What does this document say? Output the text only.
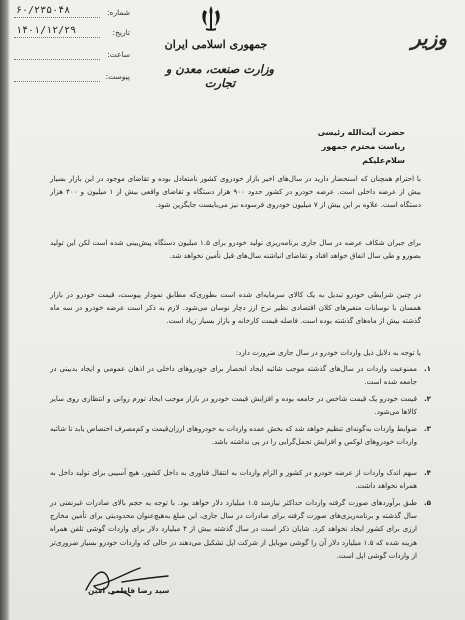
وزیر
جمهوری اسلامی ایران
وزارت صنعت، معدن و تجارت
شماره:
۶۰/۲۳۵۰۴۸
تاریخ:
۱۴۰۱/۱۲/۲۹
ساعت:
پیوست:
حضرت آیت‌الله رئیسی
ریاست محترم جمهور
سلام‌علیکم
با احترام همچنان که استحضار دارید در سال‌های اخیر بازار خودروی کشور نامتعادل بوده و تقاضای موجود در این بازار بسیار بیش از عرضه داخلی است. عرضه خودرو در کشور حدود ۹۰۰ هزار دستگاه و تقاضای واقعی بیش از ۱ میلیون و ۴۰۰ هزار دستگاه است. علاوه بر این بیش از ۷ میلیون خودروی فرسوده نیز می‌بایست جایگزین شود.
برای جبران شکاف عرضه در سال جاری برنامه‌ریزی تولید خودرو برای ۱.۵ میلیون دستگاه پیش‌بینی شده است لکن این تولید بصورو و طی سال اتفاق خواهد افتاد و تقاضای انباشته سال‌های قبل تأمین نخواهد شد.
در چنین شرایطی خودرو تبدیل به یک کالای سرمایه‌ای شده است بطوری‌که مطابق نمودار پیوست، قیمت خودرو در بازار همسان با نوسانات متغیرهای کلان اقتصادی نظیر نرخ ارز دچار نوسان می‌شود. لازم به ذکر است عرضه خودرو در سه ماه گذشته بیش از ماه‌های گذشته بوده است. فاصله قیمت کارخانه و بازار بسیار زیاد است.
با توجه به دلایل ذیل واردات خودرو در سال جاری ضرورت دارد:
۱.
ممنوعیت واردات در سال‌های گذشته موجب شائبه ایجاد انحصار برای خودروهای داخلی در اذهان عمومی و ایجاد بدبینی در جامعه شده است.
۲.
قیمت خودرو یک قیمت شاخص در جامعه بوده و افزایش قیمت خودرو در بازار موجب ایجاد تورم روانی و انتظاری روی سایر کالاها می‌شود.
۳.
ضوابط واردات به‌گونه‌ای تنظیم خواهد شد که بخش عمده واردات به خودروهای ارزان‌قیمت و کم‌مصرف اختصاص یابد تا شائبه واردات خودروهای لوکس و افزایش تجمل‌گرایی را در پی نداشته باشد.
۴.
سهم اندک واردات از عرضه خودرو در کشور و الزام واردات به انتقال فناوری به داخل کشور، هیچ آسیبی برای تولید داخل به همراه نخواهد داشت.
۵.
طبق برآوردهای صورت گرفته واردات حداکثر نیازمند ۱.۵ میلیارد دلار خواهد بود. با توجه به حجم بالای صادرات غیرنفتی در سال گذشته و برنامه‌ریزی‌های صورت گرفته برای صادرات در سال جاری، این مبلغ به‌هیچ‌عنوان محدودیتی برای تأمین مخارج ارزی برای کشور ایجاد نخواهد کرد. شایان ذکر است در سال گذشته بیش از ۴ میلیارد دلار برای واردات گوشی تلفن همراه هزینه شده که ۱.۵ میلیارد دلار آن را گوشی موبایل از شرکت اپل تشکیل می‌دهند در حالی که واردات خودرو بسیار ضروری‌تر از واردات گوشی اپل است.
سید رضا فاطمی امین
